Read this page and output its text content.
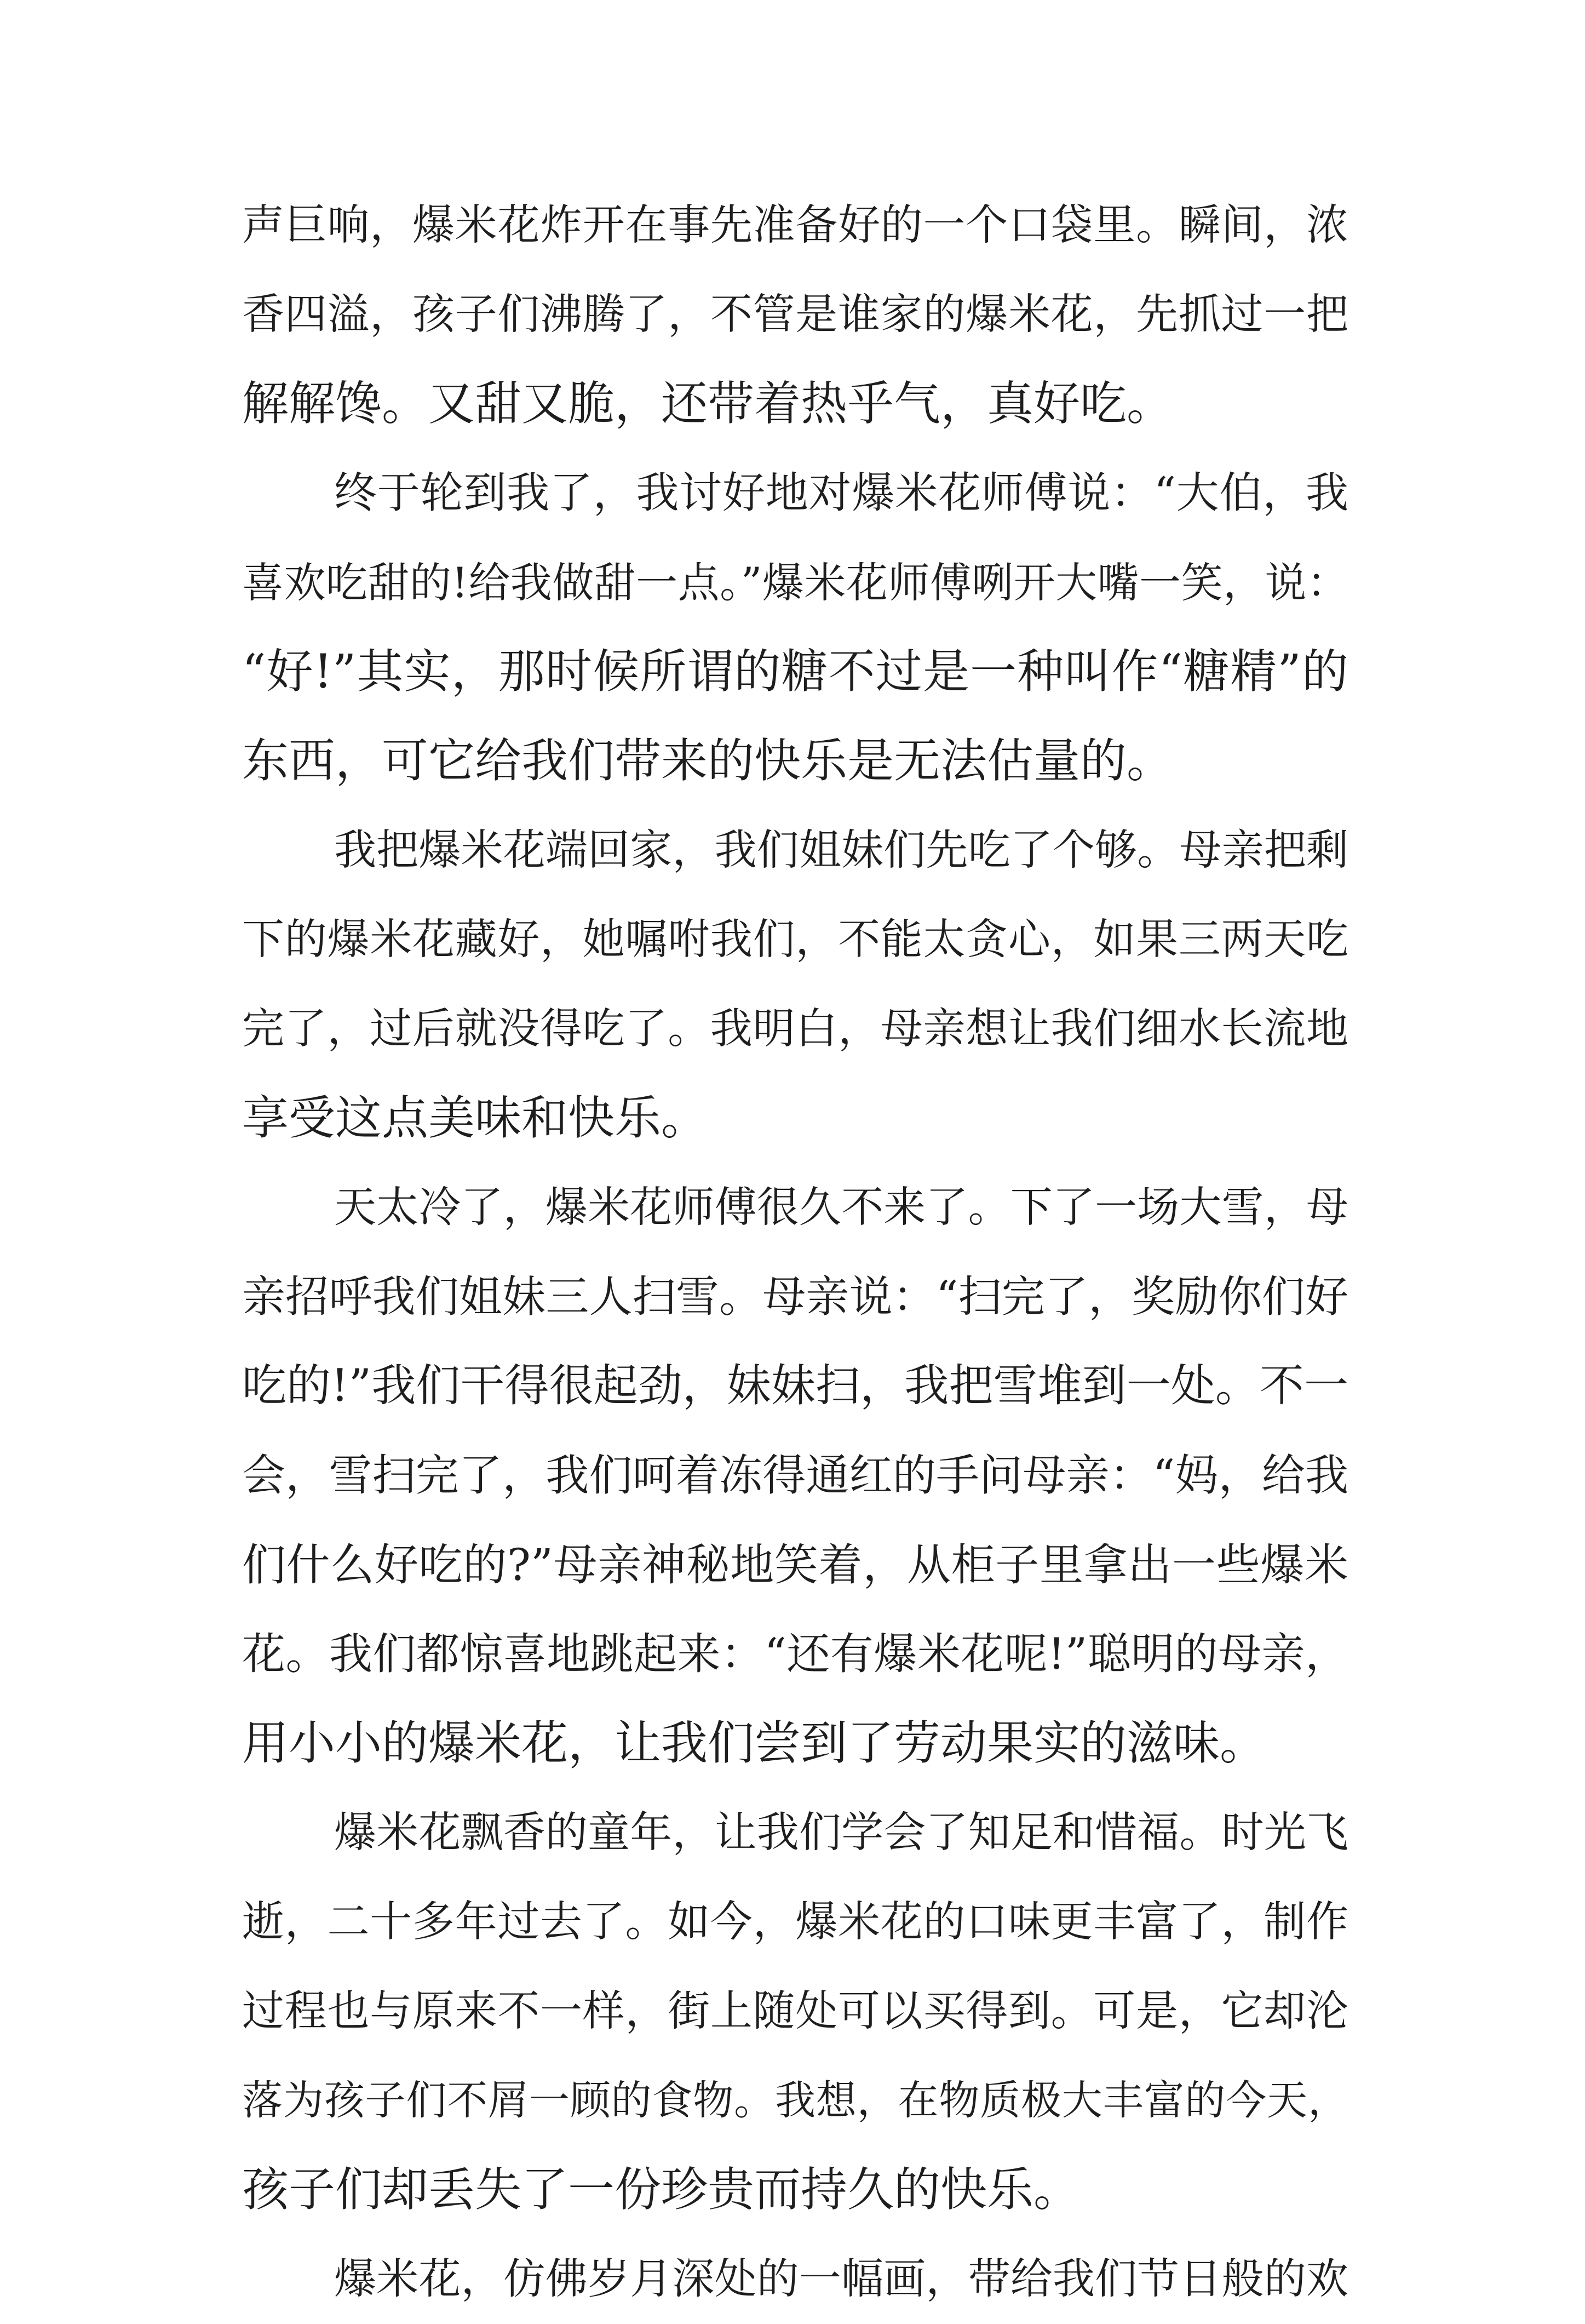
声巨响，爆米花炸开在事先准备好的一个口袋里。瞬间，浓
香四溢，孩子们沸腾了，不管是谁家的爆米花，先抓过一把
解解馋。又甜又脆，还带着热乎气，真好吃。
终于轮到我了，我讨好地对爆米花师傅说：“大伯，我
喜欢吃甜的!给我做甜一点。”爆米花师傅咧开大嘴一笑，说：
“好!”其实，那时候所谓的糖不过是一种叫作“糖精”的
东西，可它给我们带来的快乐是无法估量的。
我把爆米花端回家，我们姐妹们先吃了个够。母亲把剩
下的爆米花藏好，她嘱咐我们，不能太贪心，如果三两天吃
完了，过后就没得吃了。我明白，母亲想让我们细水长流地
享受这点美味和快乐。
天太冷了，爆米花师傅很久不来了。下了一场大雪，母
亲招呼我们姐妹三人扫雪。母亲说：“扫完了，奖励你们好
吃的!”我们干得很起劲，妹妹扫，我把雪堆到一处。不一
会，雪扫完了，我们呵着冻得通红的手问母亲：“妈，给我
们什么好吃的?”母亲神秘地笑着，从柜子里拿出一些爆米
花。我们都惊喜地跳起来：“还有爆米花呢!”聪明的母亲，
用小小的爆米花，让我们尝到了劳动果实的滋味。
爆米花飘香的童年，让我们学会了知足和惜福。时光飞
逝，二十多年过去了。如今，爆米花的口味更丰富了，制作
过程也与原来不一样，街上随处可以买得到。可是，它却沦
落为孩子们不屑一顾的食物。我想，在物质极大丰富的今天，
孩子们却丢失了一份珍贵而持久的快乐。
爆米花，仿佛岁月深处的一幅画，带给我们节日般的欢
